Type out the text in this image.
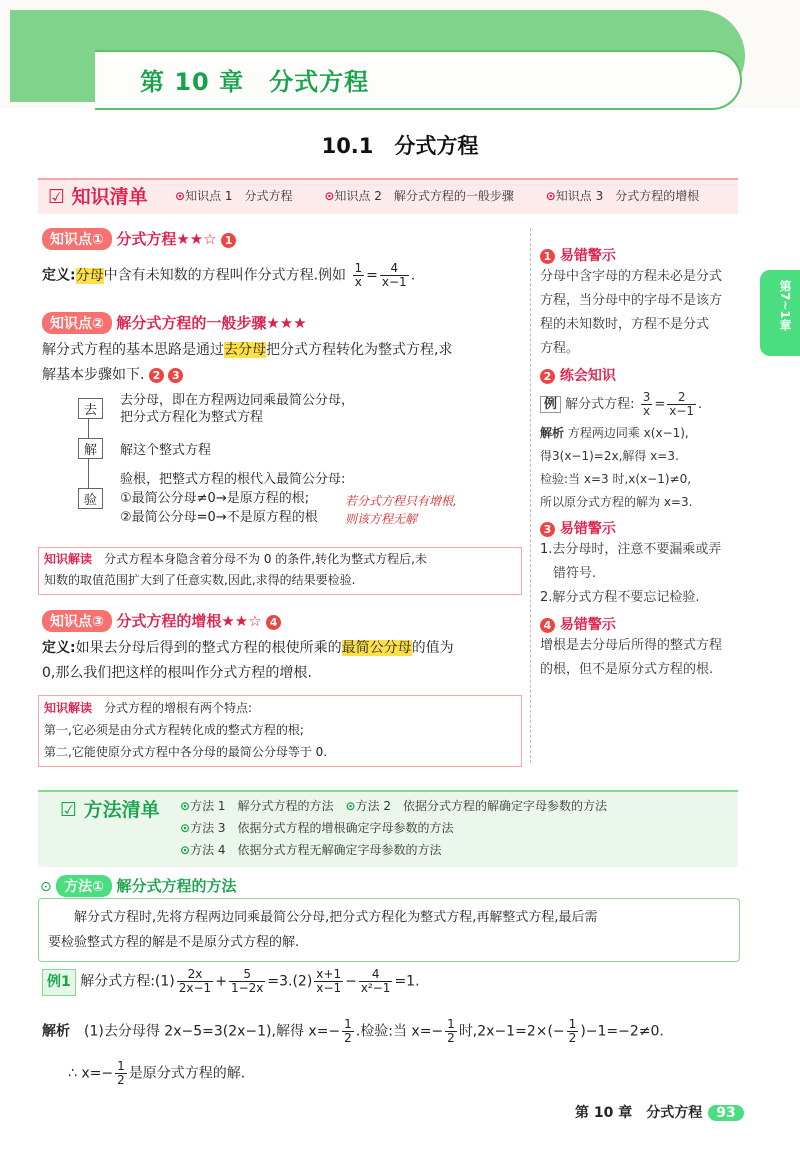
第 10 章　分式方程
10.1　分式方程
☑ 知识清单 ⊙知识点 1　分式方程	⊙知识点 2　解分式方程的一般步骤	⊙知识点 3　分式方程的增根
知识点① 分式方程★★☆ 1
定义:分母中含有未知数的方程叫作分式方程.例如 $\frac{1}{x} = \frac{4}{x-1}$ .
知识点② 解分式方程的一般步骤★★★
解分式方程的基本思路是通过去分母把分式方程转化为整式方程,求
解基本步骤如下. 2 3
去
去分母，即在方程两边同乘最简公分母，
把分式方程化为整式方程
解	解这个整式方程
验
验根，把整式方程的根代入最简公分母:
①最简公分母≠0→是原方程的根;
②最简公分母=0→不是原方程的根
若分式方程只有增根,
则该方程无解
知识解读　 分式方程本身隐含着分母不为 0 的条件,转化为整式方程后,未
知数的取值范围扩大到了任意实数,因此,求得的结果要检验.
知识点③ 分式方程的增根★★☆ 4
定义:如果去分母后得到的整式方程的根使所乘的最简公分母的值为
0,那么我们把这样的根叫作分式方程的增根.
知识解读　 分式方程的增根有两个特点:
第一,它必须是由分式方程转化成的整式方程的根;
第二,它能使原分式方程中各分母的最简公分母等于 0.
1 易错警示
分母中含字母的方程未必是分式
方程，当分母中的字母不是该方
程的未知数时，方程不是分式
方程。
2 练会知识
例 解分式方程: $\frac{3}{x} = \frac{2}{x-1}$ .
解析 方程两边同乘 x(x−1),
得3(x−1)=2x,解得 x=3.
检验:当 x=3 时,x(x−1)≠0,
所以原分式方程的解为 x=3.
3 易错警示
1.去分母时，注意不要漏乘或弄
　错符号.
2.解分式方程不要忘记检验.
4 易错警示
增根是去分母后所得的整式方程
的根，但不是原分式方程的根.
第7~1章
☑ 方法清单 ⊙方法 1　解分式方程的方法　 ⊙方法 2　依据分式方程的解确定字母参数的方法
⊙方法 3　依据分式方程的增根确定字母参数的方法
⊙方法 4　依据分式方程无解确定字母参数的方法
⊙ 方法① 解分式方程的方法
解分式方程时,先将方程两边同乘最简公分母,把分式方程化为整式方程,再解整式方程,最后需
要检验整式方程的解是不是原分式方程的解.
例1 解分式方程:(1) $\frac{2x}{2x-1} + \frac{5}{1-2x} =3.(2) \frac{x+1}{x-1} - \frac{4}{\text{x²−1}} =1$.
解析　 (1)去分母得 2x−5=3(2x−1),解得 $x=- \frac{1}{2}$ .检验:当 $x=- \frac{1}{2}$ 时$,2x-1=2\times(- \frac{1}{2} )-1=-2\ne 0$.
∴ $x=- \frac{1}{2}$ 是原分式方程的解.
第 10 章　分式方程 93
